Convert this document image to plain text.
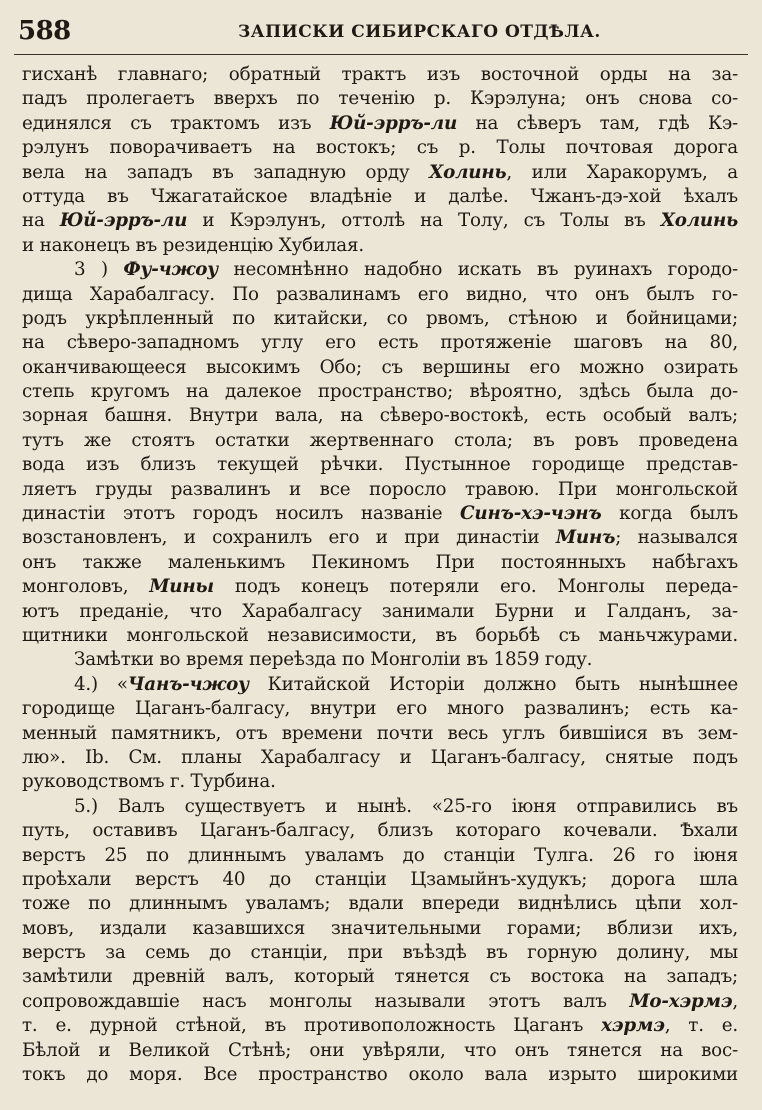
588	ЗАПИСКИ СИБИРСКАГО ОТДѢЛА.
гисханѣ главнаго; обратный трактъ изъ восточной орды на за-
падъ пролегаетъ вверхъ по теченію р. Кэрэлуна; онъ снова со-
единялся съ трактомъ изъ Юй-эрръ-ли на сѣверъ там, гдѣ Кэ-
рэлунъ поворачиваетъ на востокъ; съ р. Толы почтовая дорога
вела на западъ въ западную орду Холинь, или Харакорумъ, а
оттуда въ Чжагатайское владѣніе и далѣе. Чжанъ-дэ-хой ѣхалъ
на Юй-эрръ-ли и Кэрэлунъ, оттолѣ на Толу, съ Толы въ Холинь
и наконецъ въ резиденцію Хубилая.
3 ) Фу-чжоу несомнѣнно надобно искать въ руинахъ городо-
дища Харабалгасу. По развалинамъ его видно, что онъ былъ го-
родъ укрѣпленный по китайски, со рвомъ, стѣною и бойницами;
на сѣверо-западномъ углу его есть протяженіе шаговъ на 80,
оканчивающееся высокимъ Обо; съ вершины его можно озирать
степь кругомъ на далекое пространство; вѣроятно, здѣсь была до-
зорная башня. Внутри вала, на сѣверо-востокѣ, есть особый валъ;
тутъ же стоятъ остатки жертвеннаго стола; въ ровъ проведена
вода изъ близъ текущей рѣчки. Пустынное городище представ-
ляетъ груды развалинъ и все поросло травою. При монгольской
династіи этотъ городъ носилъ названіе Синъ-хэ-чэнъ когда былъ
возстановленъ, и сохранилъ его и при династіи Минъ; назывался
онъ также маленькимъ Пекиномъ При постоянныхъ набѣгахъ
монголовъ, Мины подъ конецъ потеряли его. Монголы переда-
ютъ преданіе, что Харабалгасу занимали Бурни и Галданъ, за-
щитники монгольской независимости, въ борьбѣ съ маньчжурами.
Замѣтки во время переѣзда по Монголіи въ 1859 году.
4.) «Чанъ-чжоу Китайской Исторіи должно быть нынѣшнее
городище Цаганъ-балгасу, внутри его много развалинъ; есть ка-
менный памятникъ, отъ времени почти весь углъ бившіися въ зем-
лю». Ib. См. планы Харабалгасу и Цаганъ-балгасу, снятые подъ
руководствомъ г. Турбина.
5.) Валъ существуетъ и нынѣ. «25-го іюня отправились въ
путь, оставивъ Цаганъ-балгасу, близъ котораго кочевали. Ѣхали
верстъ 25 по длиннымъ уваламъ до станціи Тулга. 26 го іюня
проѣхали верстъ 40 до станціи Цзамыйнъ-худукъ; дорога шла
тоже по длиннымъ уваламъ; вдали впереди виднѣлись цѣпи хол-
мовъ, издали казавшихся значительными горами; вблизи ихъ,
верстъ за семь до станціи, при въѣздѣ въ горную долину, мы
замѣтили древній валъ, который тянется съ востока на западъ;
сопровождавшіе насъ монголы называли этотъ валъ Мо-хэрмэ,
т. е. дурной стѣной, въ противоположность Цаганъ хэрмэ, т. е.
Бѣлой и Великой Стѣнѣ; они увѣряли, что онъ тянется на вос-
токъ до моря. Все пространство около вала изрыто широкими
